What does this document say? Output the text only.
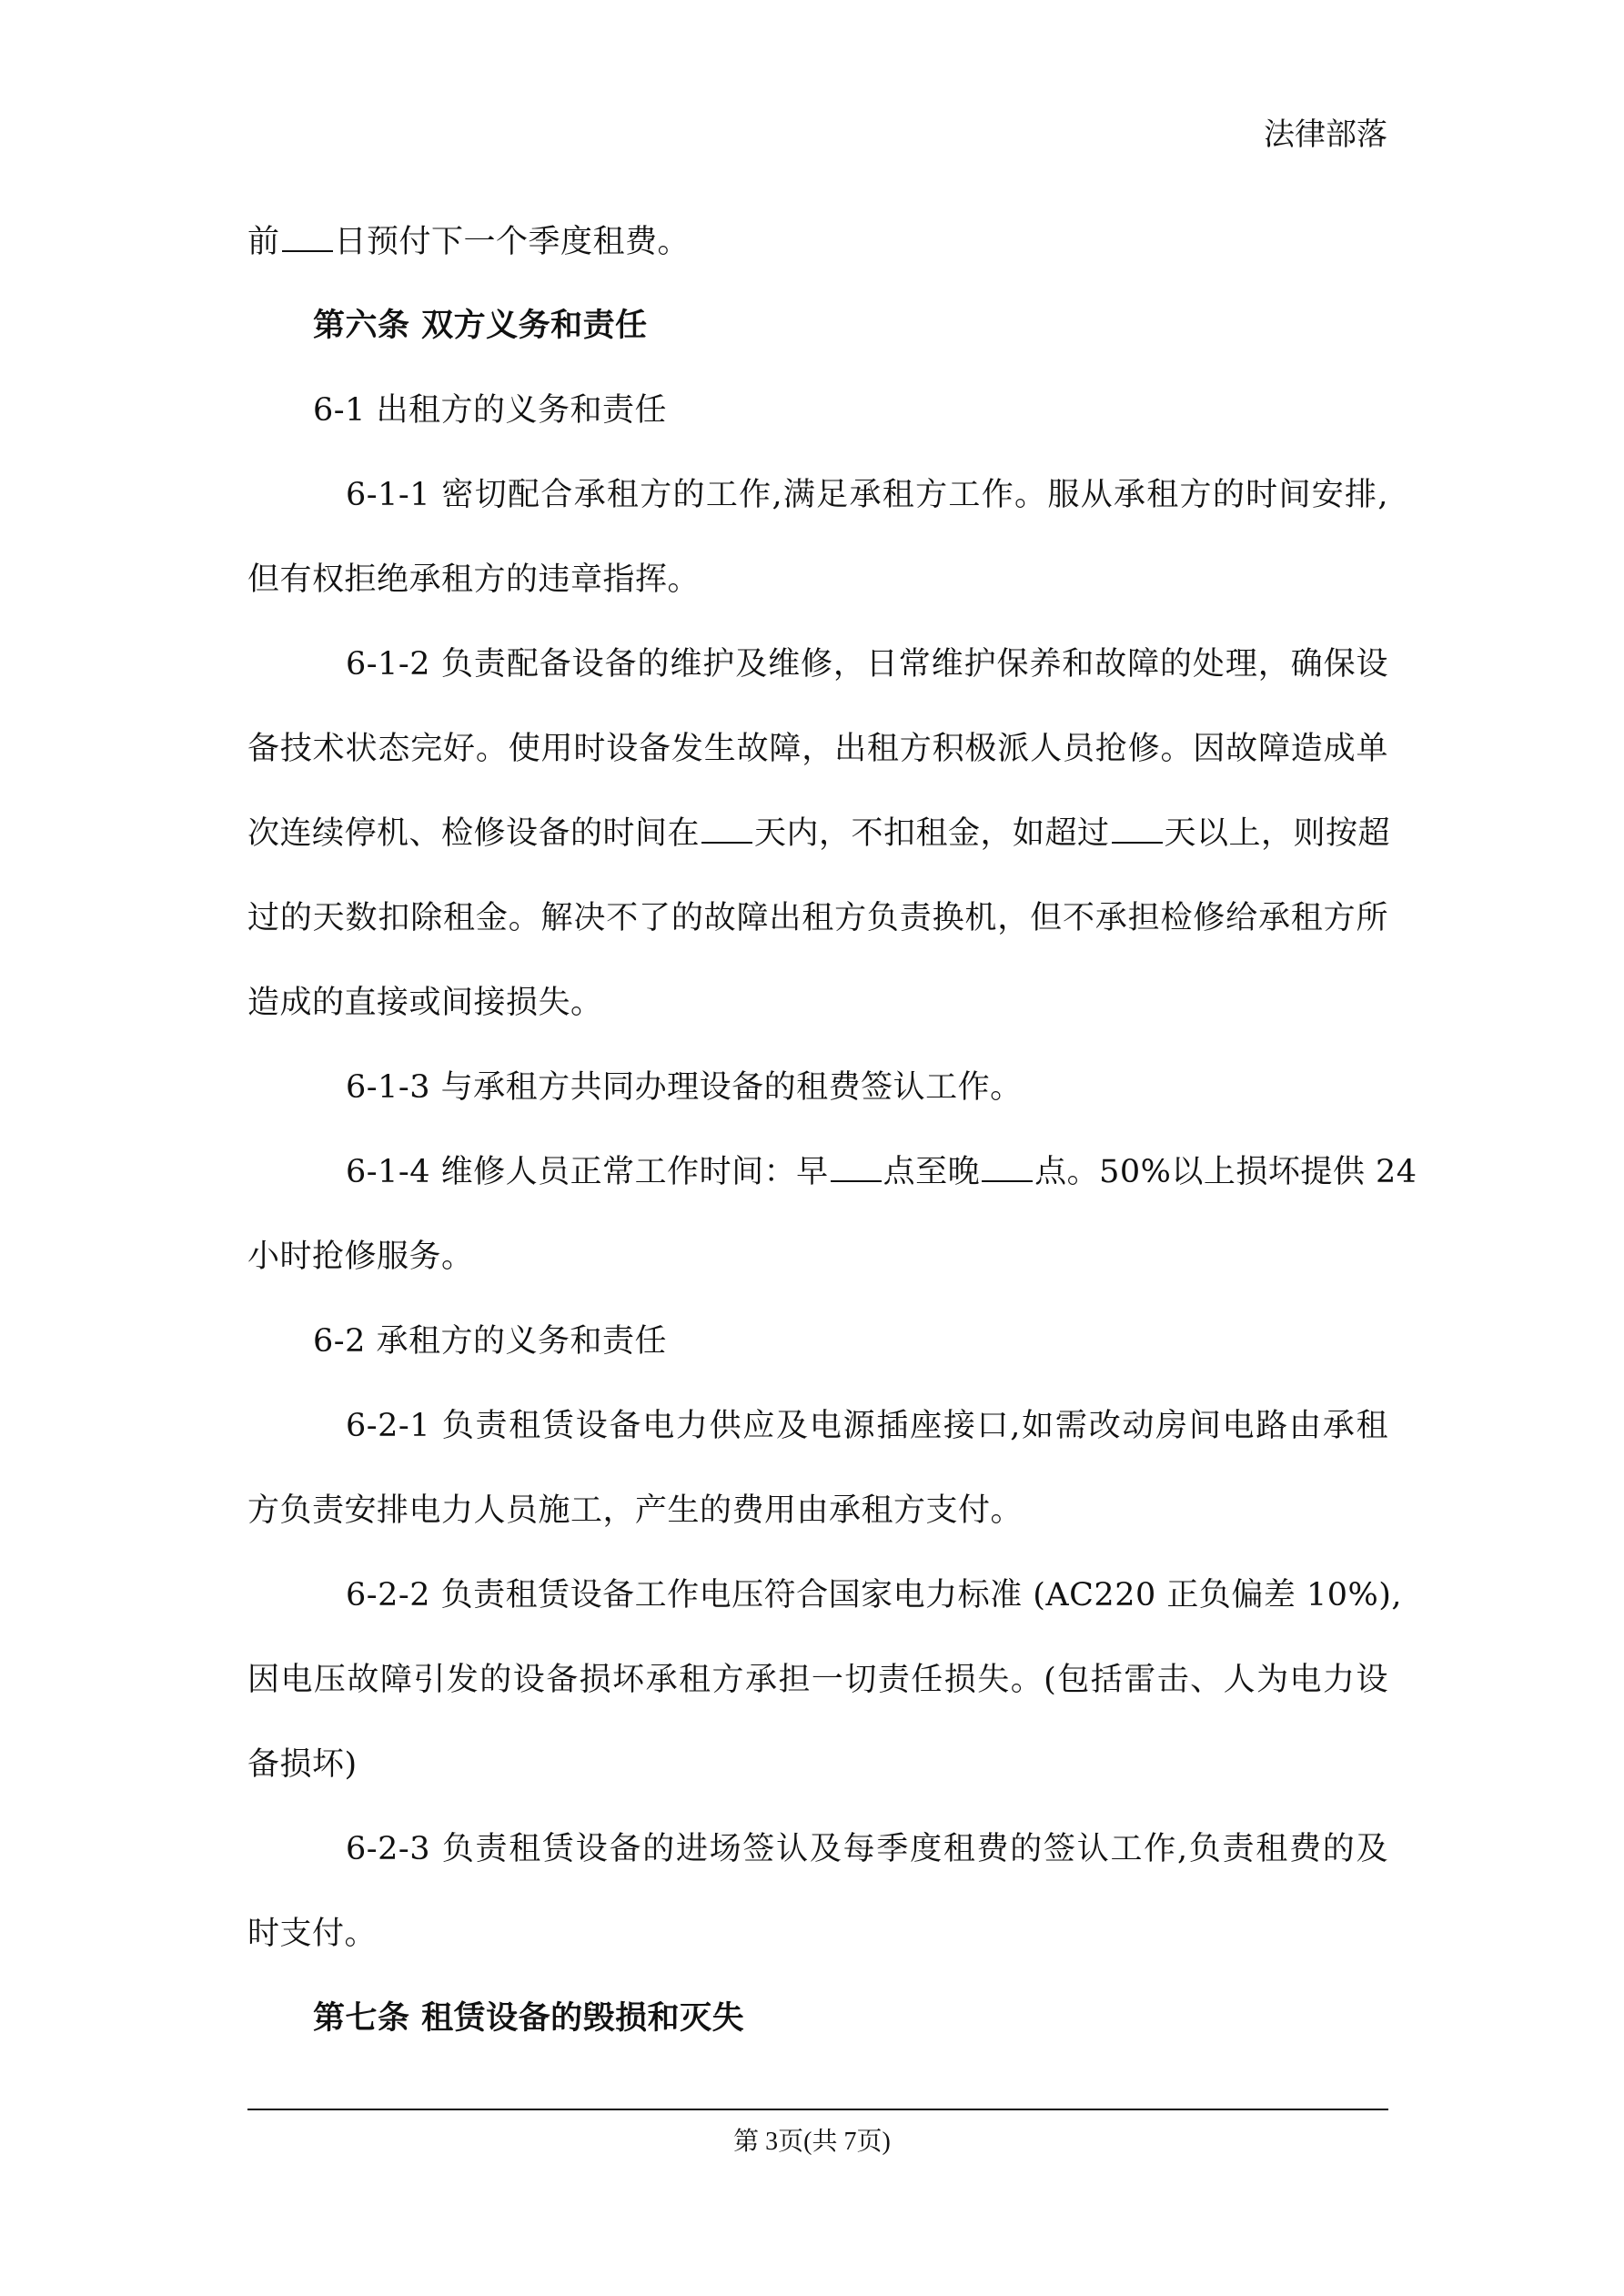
法律部落
前 日预付下一个季度租费。
第六条 双方义务和责任
6-1 出租方的义务和责任
6-1-1 密切配合承租方的工作,满足承租方工作。服从承租方的时间安排,
但有权拒绝承租方的违章指挥。
6-1-2 负责配备设备的维护及维修，日常维护保养和故障的处理，确保设
备技术状态完好。使用时设备发生故障，出租方积极派人员抢修。因故障造成单
次连续停机、检修设备的时间在 天内，不扣租金，如超过 天以上，则按超
过的天数扣除租金。解决不了的故障出租方负责换机，但不承担检修给承租方所
造成的直接或间接损失。
6-1-3 与承租方共同办理设备的租费签认工作。
6-1-4 维修人员正常工作时间：早 点至晚 点。50%以上损坏提供 24
小时抢修服务。
6-2 承租方的义务和责任
6-2-1 负责租赁设备电力供应及电源插座接口,如需改动房间电路由承租
方负责安排电力人员施工，产生的费用由承租方支付。
6-2-2 负责租赁设备工作电压符合国家电力标准 (AC220 正负偏差 10%),
因电压故障引发的设备损坏承租方承担一切责任损失。(包括雷击、人为电力设
备损坏)
6-2-3 负责租赁设备的进场签认及每季度租费的签认工作,负责租费的及
时支付。
第七条 租赁设备的毁损和灭失
第 3页(共 7页)
